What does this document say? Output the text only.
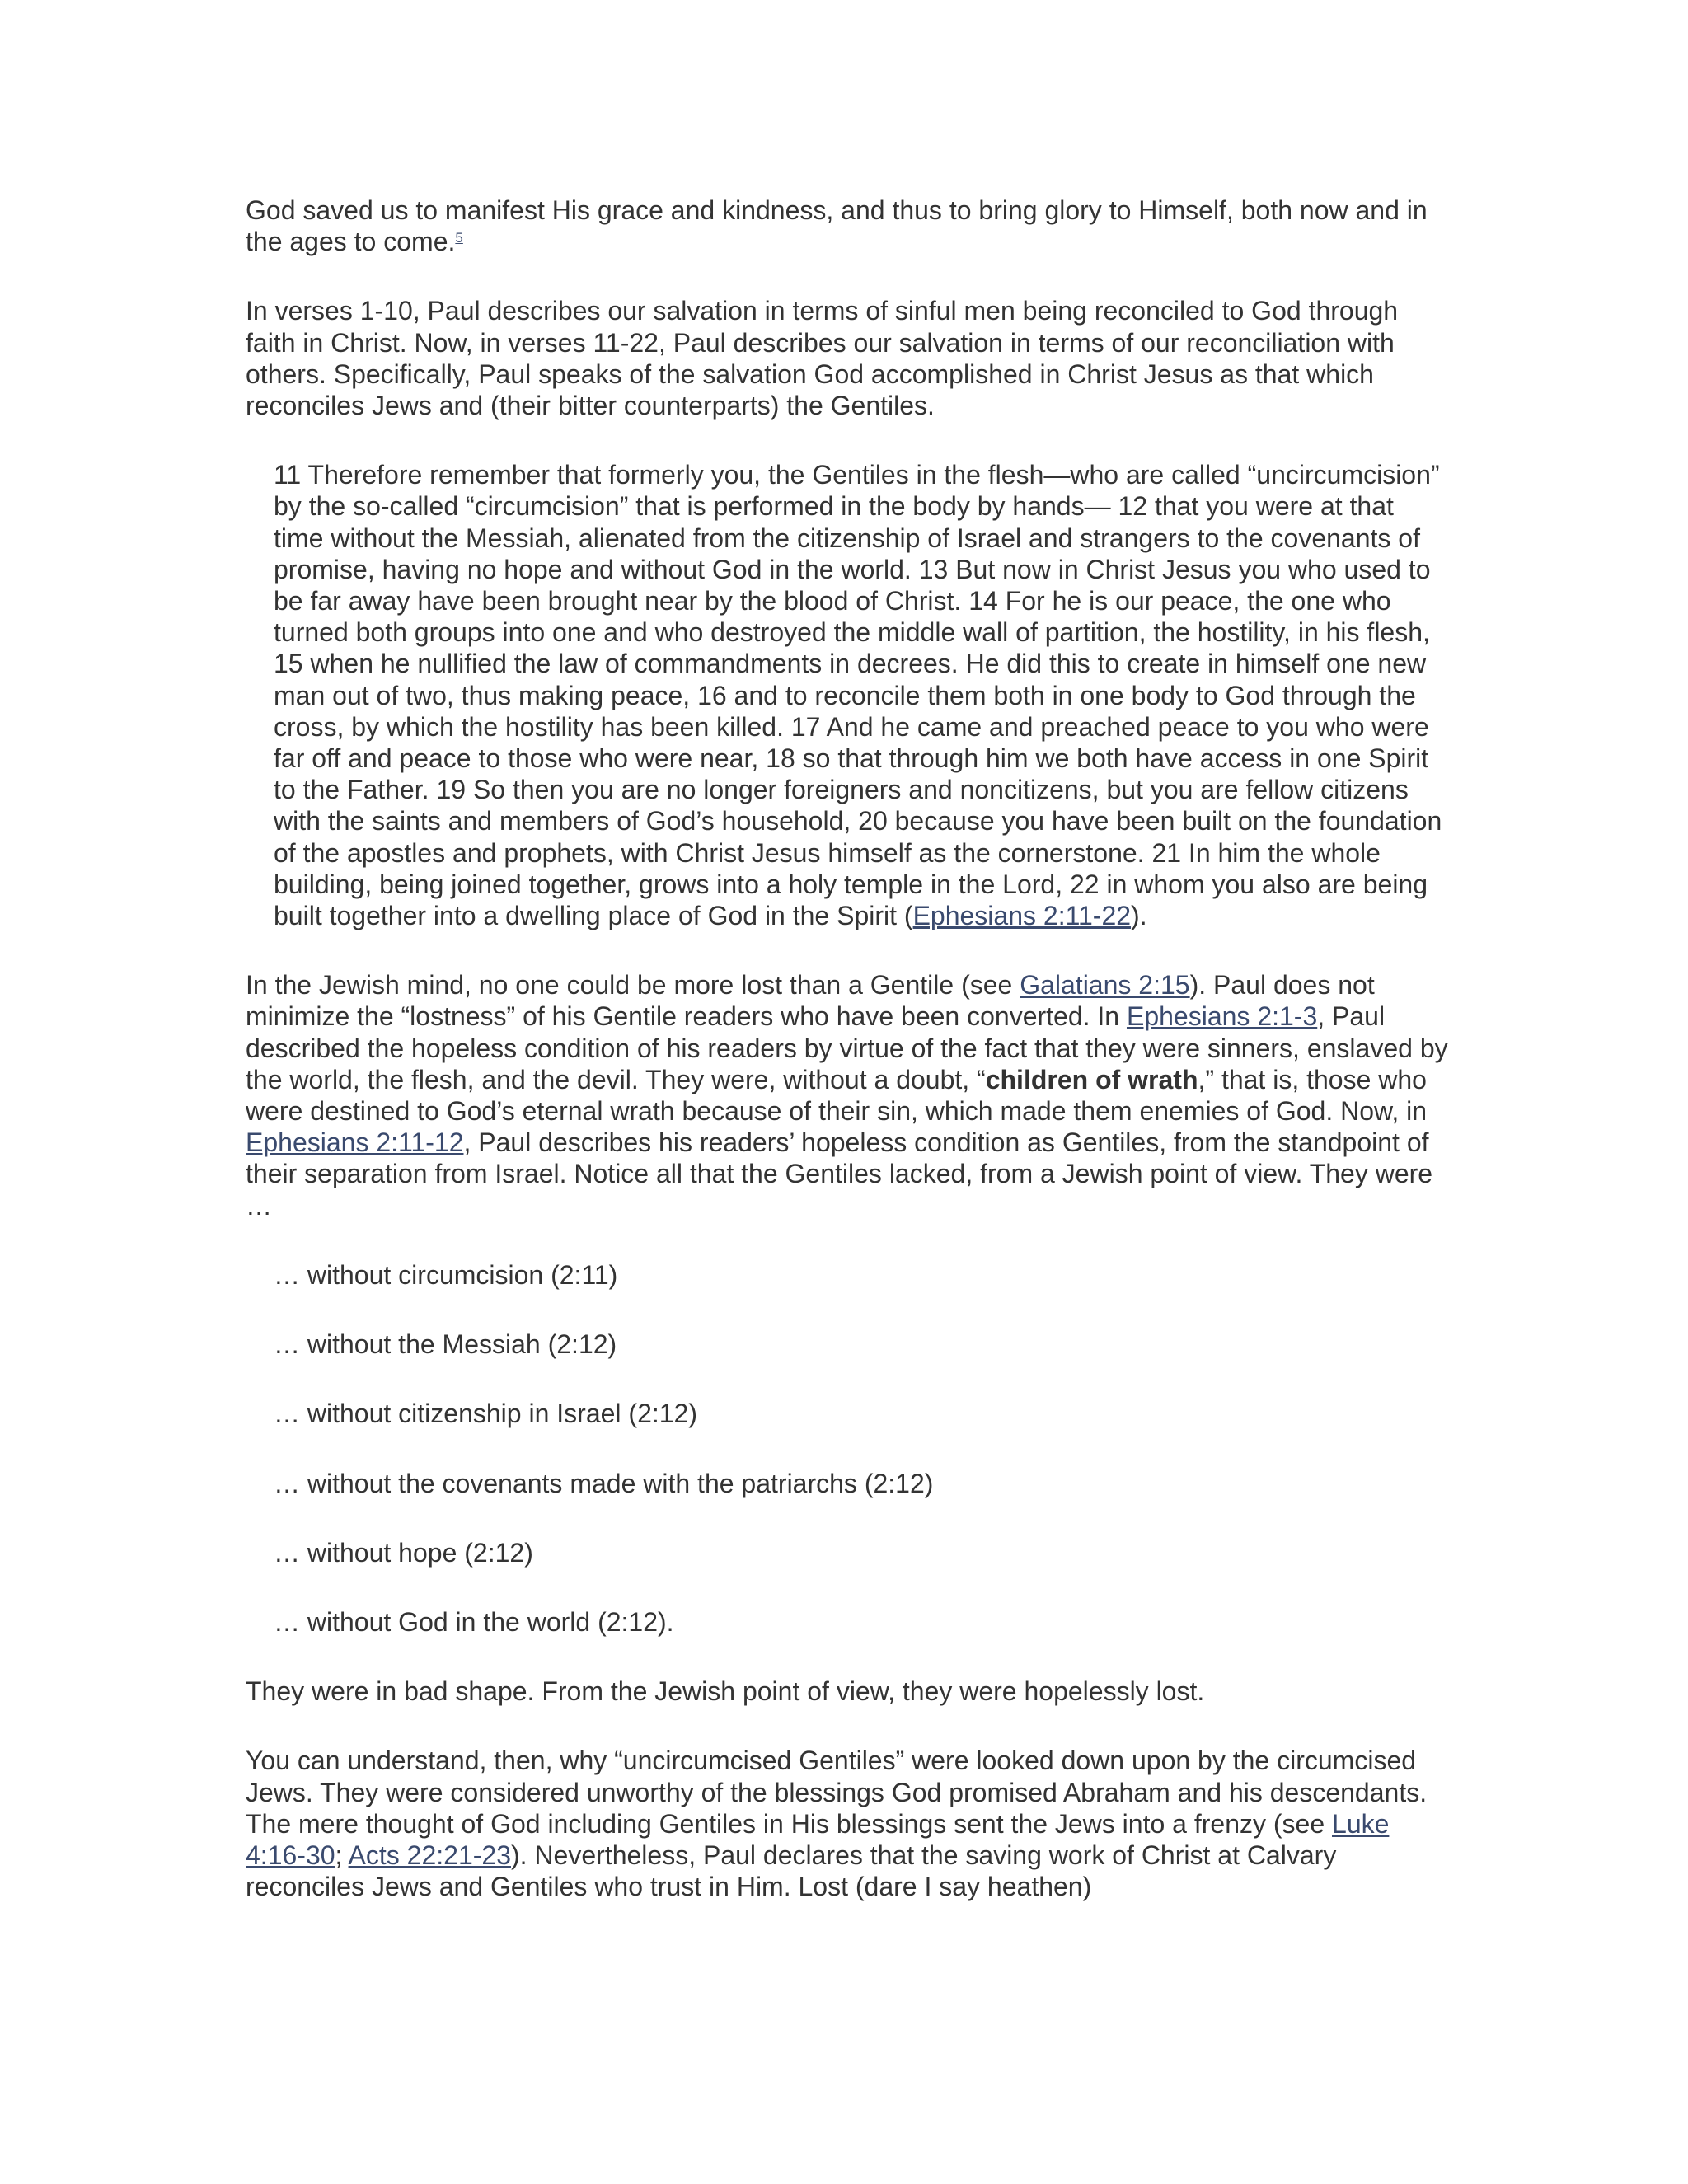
God saved us to manifest His grace and kindness, and thus to bring glory to Himself, both now and in the ages to come.$^5$

In verses 1-10, Paul describes our salvation in terms of sinful men being reconciled to God through faith in Christ. Now, in verses 11-22, Paul describes our salvation in terms of our reconciliation with others. Specifically, Paul speaks of the salvation God accomplished in Christ Jesus as that which reconciles Jews and (their bitter counterparts) the Gentiles.

11 Therefore remember that formerly you, the Gentiles in the flesh—who are called “uncircumcision” by the so-called “circumcision” that is performed in the body by hands— 12 that you were at that time without the Messiah, alienated from the citizenship of Israel and strangers to the covenants of promise, having no hope and without God in the world. 13 But now in Christ Jesus you who used to be far away have been brought near by the blood of Christ. 14 For he is our peace, the one who turned both groups into one and who destroyed the middle wall of partition, the hostility, in his flesh, 15 when he nullified the law of commandments in decrees. He did this to create in himself one new man out of two, thus making peace, 16 and to reconcile them both in one body to God through the cross, by which the hostility has been killed. 17 And he came and preached peace to you who were far off and peace to those who were near, 18 so that through him we both have access in one Spirit to the Father. 19 So then you are no longer foreigners and noncitizens, but you are fellow citizens with the saints and members of God’s household, 20 because you have been built on the foundation of the apostles and prophets, with Christ Jesus himself as the cornerstone. 21 In him the whole building, being joined together, grows into a holy temple in the Lord, 22 in whom you also are being built together into a dwelling place of God in the Spirit (Ephesians 2:11-22).

In the Jewish mind, no one could be more lost than a Gentile (see Galatians 2:15). Paul does not minimize the “lostness” of his Gentile readers who have been converted. In Ephesians 2:1-3, Paul described the hopeless condition of his readers by virtue of the fact that they were sinners, enslaved by the world, the flesh, and the devil. They were, without a doubt, “children of wrath,” that is, those who were destined to God’s eternal wrath because of their sin, which made them enemies of God. Now, in Ephesians 2:11-12, Paul describes his readers’ hopeless condition as Gentiles, from the standpoint of their separation from Israel. Notice all that the Gentiles lacked, from a Jewish point of view. They were …

… without circumcision (2:11)

… without the Messiah (2:12)

… without citizenship in Israel (2:12)

… without the covenants made with the patriarchs (2:12)

… without hope (2:12)

… without God in the world (2:12).

They were in bad shape. From the Jewish point of view, they were hopelessly lost.

You can understand, then, why “uncircumcised Gentiles” were looked down upon by the circumcised Jews. They were considered unworthy of the blessings God promised Abraham and his descendants. The mere thought of God including Gentiles in His blessings sent the Jews into a frenzy (see Luke 4:16-30; Acts 22:21-23). Nevertheless, Paul declares that the saving work of Christ at Calvary reconciles Jews and Gentiles who trust in Him. Lost (dare I say heathen)
